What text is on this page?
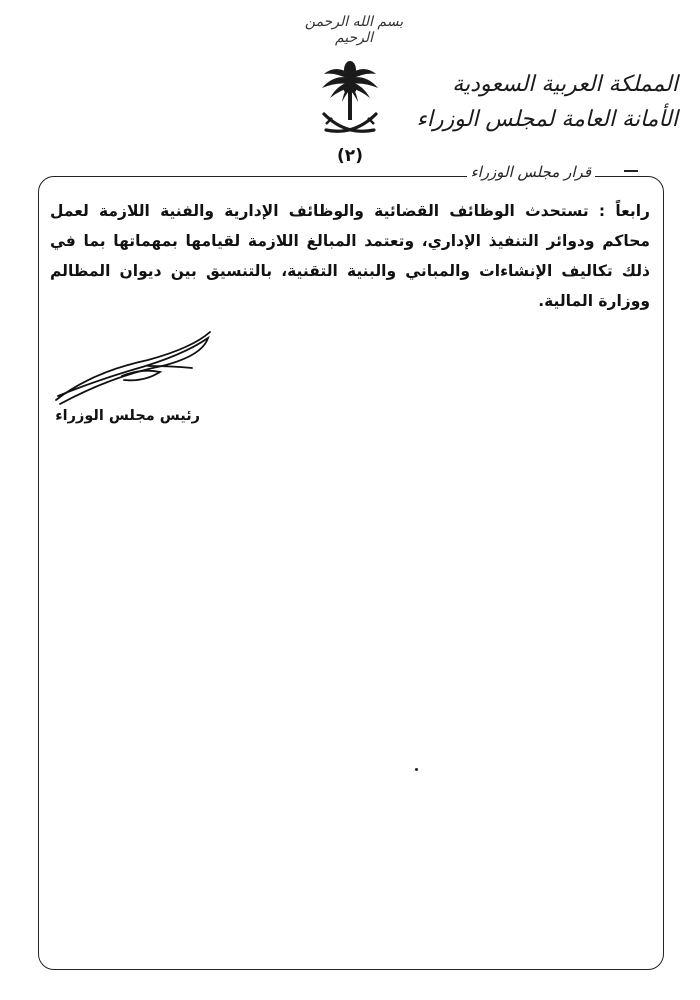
بسم الله الرحمن الرحيم
(٢)
المملكة العربية السعودية
الأمانة العامة لمجلس الوزراء
قرار مجلس الوزراء
رابعاً : تستحدث الوظائف القضائية والوظائف الإدارية والفنية اللازمة لعمل محاكم ودوائر التنفيذ الإداري، وتعتمد المبالغ اللازمة لقيامها بمهماتها بما في ذلك تكاليف الإنشاءات والمباني والبنية التقنية، بالتنسيق بين ديوان المظالم ووزارة المالية.
رئيس مجلس الوزراء
